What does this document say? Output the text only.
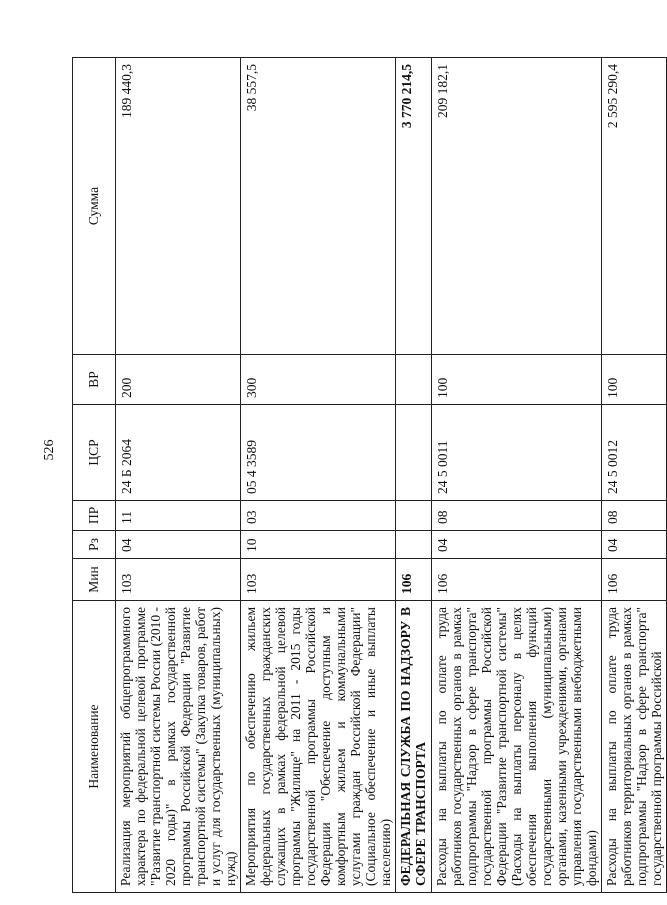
526
Наименование	Мин	Рз	ПР	ЦСР	ВР	Сумма
Реализация мероприятий общепрограммного характера по федеральной целевой программе "Развитие транспортной системы России (2010 - 2020 годы)" в рамках государственной программы Российской Федерации "Развитие транспортной системы" (Закупка товаров, работ и услуг для государственных (муниципальных) нужд)	103	04	11	24 Б 2064	200	189 440,3
Мероприятия по обеспечению жильем федеральных государственных гражданских служащих в рамках федеральной целевой программы "Жилище" на 2011 - 2015 годы государственной программы Российской Федерации "Обеспечение доступным и комфортным жильем и коммунальными услугами граждан Российской Федерации" (Социальное обеспечение и иные выплаты населению)	103	10	03	05 4 3589	300	38 557,5
ФЕДЕРАЛЬНАЯ СЛУЖБА ПО НАДЗОРУ В СФЕРЕ ТРАНСПОРТА	106					3 770 214,5
Расходы на выплаты по оплате труда работников государственных органов в рамках подпрограммы "Надзор в сфере транспорта" государственной программы Российской Федерации "Развитие транспортной системы" (Расходы на выплаты персоналу в целях обеспечения выполнения функций государственными (муниципальными) органами, казенными учреждениями, органами управления государственными внебюджетными фондами)	106	04	08	24 5 0011	100	209 182,1
Расходы на выплаты по оплате труда работников территориальных органов в рамках подпрограммы "Надзор в сфере транспорта" государственной программы Российской	106	04	08	24 5 0012	100	2 595 290,4
